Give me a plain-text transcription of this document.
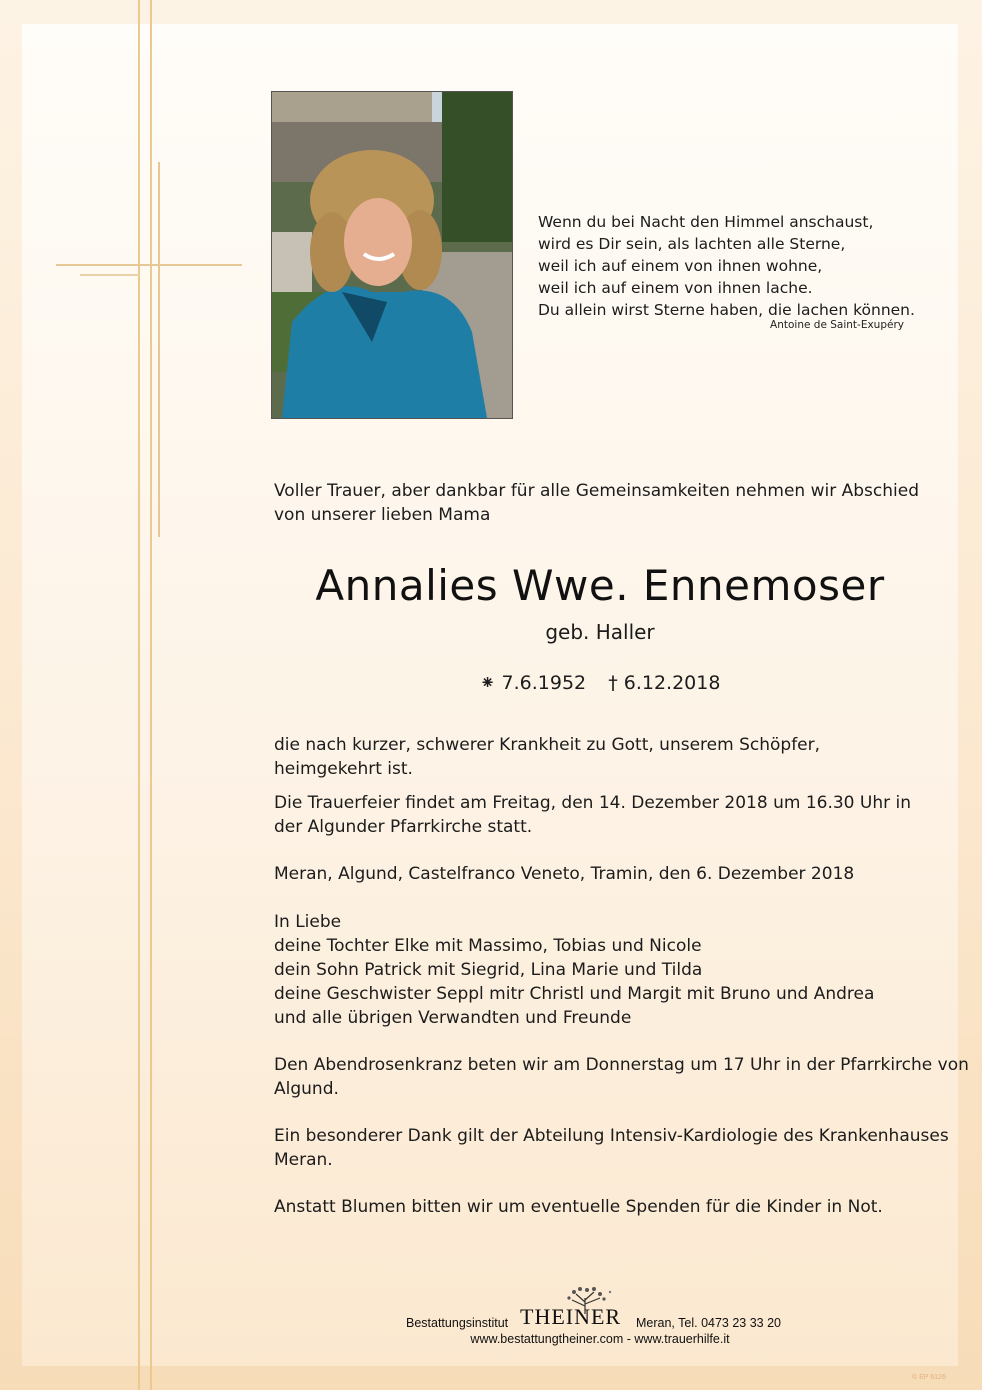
Wenn du bei Nacht den Himmel anschaust,
wird es Dir sein, als lachten alle Sterne,
weil ich auf einem von ihnen wohne,
weil ich auf einem von ihnen lache.
Du allein wirst Sterne haben, die lachen können.
Antoine de Saint-Exupéry
Voller Trauer, aber dankbar für alle Gemeinsamkeiten nehmen wir Abschied
von unserer lieben Mama
Annalies Wwe. Ennemoser
geb. Haller
⁕ 7.6.1952 † 6.12.2018
die nach kurzer, schwerer Krankheit zu Gott, unserem Schöpfer,
heimgekehrt ist.
Die Trauerfeier findet am Freitag, den 14. Dezember 2018 um 16.30 Uhr in
der Algunder Pfarrkirche statt.
Meran, Algund, Castelfranco Veneto, Tramin, den 6. Dezember 2018
In Liebe
deine Tochter Elke mit Massimo, Tobias und Nicole
dein Sohn Patrick mit Siegrid, Lina Marie und Tilda
deine Geschwister Seppl mitr Christl und Margit mit Bruno und Andrea
und alle übrigen Verwandten und Freunde
Den Abendrosenkranz beten wir am Donnerstag um 17 Uhr in der Pfarrkirche von
Algund.
Ein besonderer Dank gilt der Abteilung Intensiv-Kardiologie des Krankenhauses
Meran.
Anstatt Blumen bitten wir um eventuelle Spenden für die Kinder in Not.
Bestattungsinstitut THEINER Meran, Tel. 0473 23 33 20
www.bestattungtheiner.com - www.trauerhilfe.it
© EP 6126
